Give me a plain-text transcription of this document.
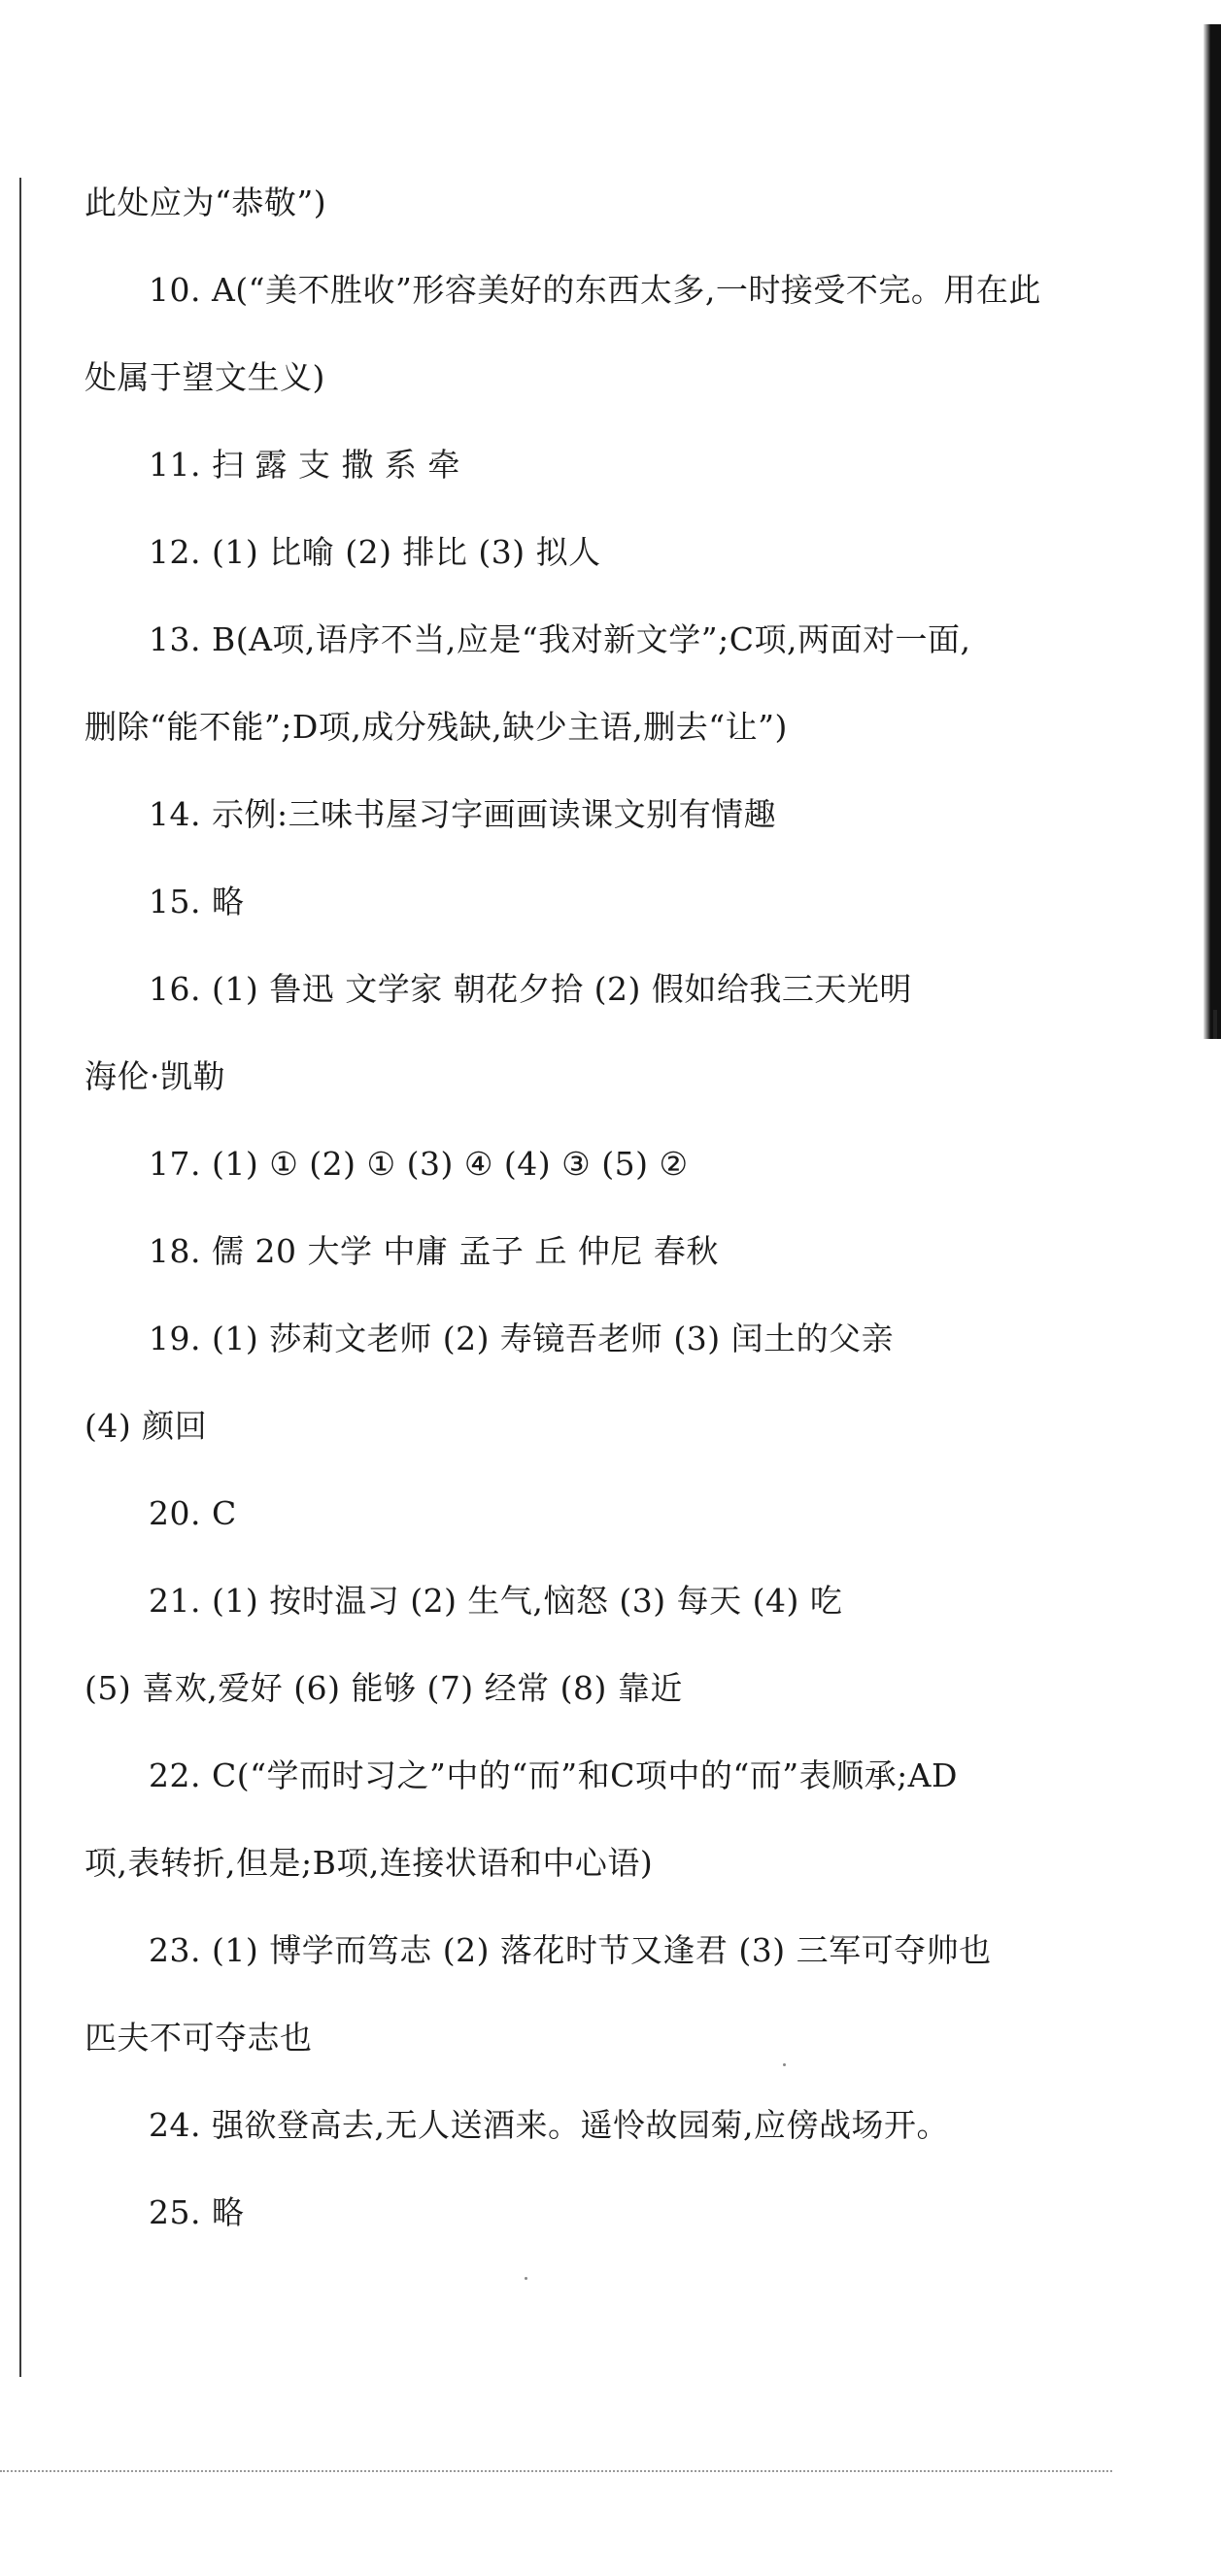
此处应为“恭敬”)
10. A(“美不胜收”形容美好的东西太多,一时接受不完。用在此
处属于望文生义)
11. 扫 露 支 撒 系 牵
12. (1) 比喻 (2) 排比 (3) 拟人
13. B(A项,语序不当,应是“我对新文学”;C项,两面对一面,
删除“能不能”;D项,成分残缺,缺少主语,删去“让”)
14. 示例:三味书屋习字画画读课文别有情趣
15. 略
16. (1) 鲁迅 文学家 朝花夕拾 (2) 假如给我三天光明
海伦·凯勒
17. (1) ① (2) ① (3) ④ (4) ③ (5) ②
18. 儒 20 大学 中庸 孟子 丘 仲尼 春秋
19. (1) 莎莉文老师 (2) 寿镜吾老师 (3) 闰土的父亲
(4) 颜回
20. C
21. (1) 按时温习 (2) 生气,恼怒 (3) 每天 (4) 吃
(5) 喜欢,爱好 (6) 能够 (7) 经常 (8) 靠近
22. C(“学而时习之”中的“而”和C项中的“而”表顺承;AD
项,表转折,但是;B项,连接状语和中心语)
23. (1) 博学而笃志 (2) 落花时节又逢君 (3) 三军可夺帅也
匹夫不可夺志也
24. 强欲登高去,无人送酒来。遥怜故园菊,应傍战场开。
25. 略
